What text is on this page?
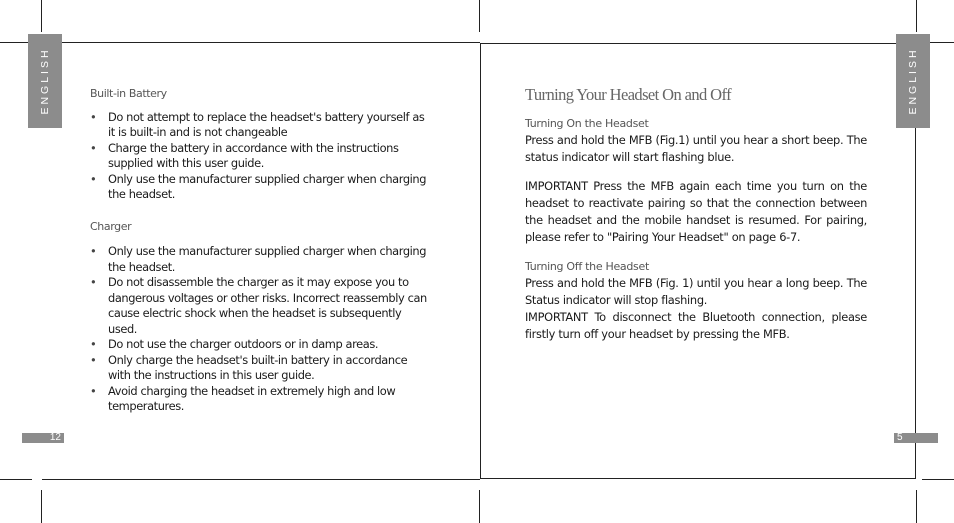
ENGLISH
12
Built-in Battery
• Do not attempt to replace the headset's battery yourself as it is built-in and is not changeable
• Charge the battery in accordance with the instructions supplied with this user guide.
• Only use the manufacturer supplied charger when charging the headset.
Charger
• Only use the manufacturer supplied charger when charging the headset.
• Do not disassemble the charger as it may expose you to dangerous voltages or other risks. Incorrect reassembly can cause electric shock when the headset is subsequently used.
• Do not use the charger outdoors or in damp areas.
• Only charge the headset's built-in battery in accordance with the instructions in this user guide.
• Avoid charging the headset in extremely high and low temperatures.
ENGLISH
5
Turning Your Headset On and Off
Turning On the Headset
Press and hold the MFB (Fig.1) until you hear a short beep. The status indicator will start flashing blue.
IMPORTANT Press the MFB again each time you turn on the headset to reactivate pairing so that the connection between the headset and the mobile handset is resumed. For pairing, please refer to "Pairing Your Headset" on page 6-7.
Turning Off the Headset
Press and hold the MFB (Fig. 1) until you hear a long beep. The Status indicator will stop flashing.
IMPORTANT To disconnect the Bluetooth connection, please firstly turn off your headset by pressing the MFB.
